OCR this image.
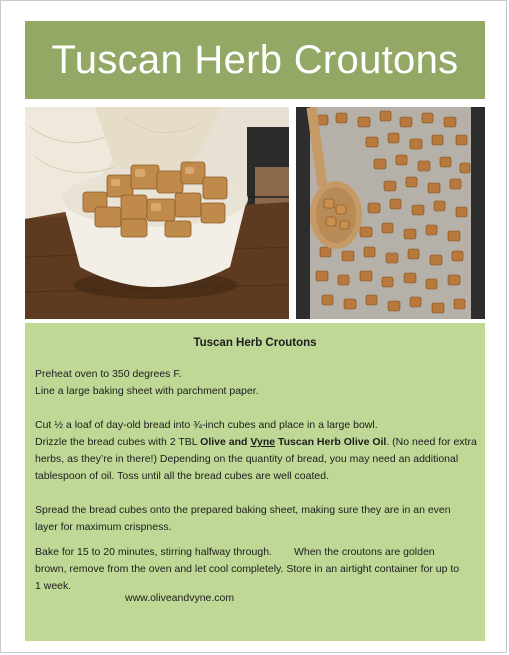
Tuscan Herb Croutons
Tuscan Herb Croutons
Preheat oven to 350 degrees F.
Line a large baking sheet with parchment paper.
Cut ½ a loaf of day-old bread into ¾-inch cubes and place in a large bowl.
Drizzle the bread cubes with 2 TBL Olive and Vyne Tuscan Herb Olive Oil. (No need for extra
herbs, as they’re in there!) Depending on the quantity of bread, you may need an additional
tablespoon of oil. Toss until all the bread cubes are well coated.
Spread the bread cubes onto the prepared baking sheet, making sure they are in an even
layer for maximum crispness.
Bake for 15 to 20 minutes, stirring halfway through. When the croutons are golden
brown, remove from the oven and let cool completely. Store in an airtight container for up to
1 week.
www.oliveandvyne.com
